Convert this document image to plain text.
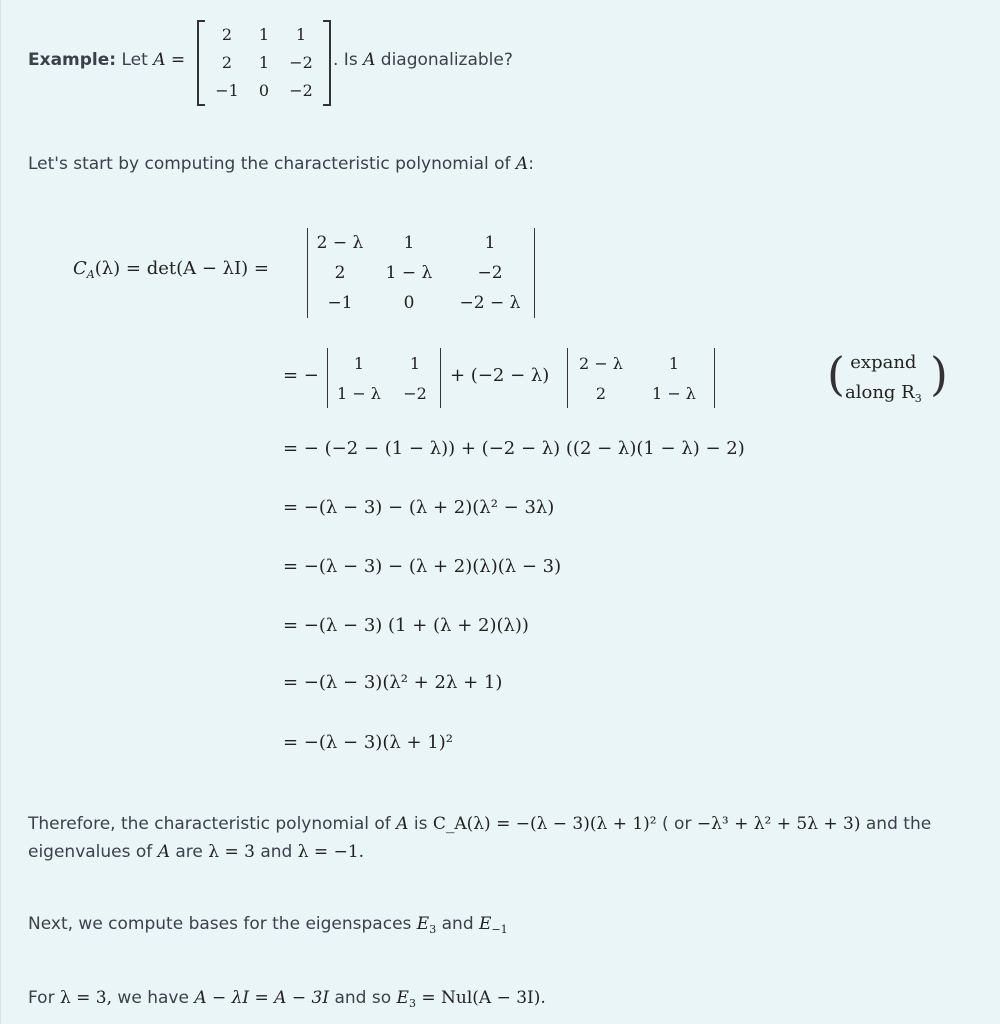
Example: Let A =
2	1	1
2	1	−2
−1	0	−2
. Is A diagonalizable?
Let's start by computing the characteristic polynomial of A:
$C_A(\lambda) = \det(A - \lambda I)$ =
2 − λ	1	1
2	1 − λ	−2
−1	0	−2 − λ
= −
1	1
1 − λ	−2
+ (−2 − λ)
2 − λ	1
2	1 − λ	( expand
along $R_3$ )
= − (−2 − (1 − λ)) + (−2 − λ) ((2 − λ)(1 − λ) − 2)
= −(λ − 3) − (λ + 2)(λ² − 3λ)
= −(λ − 3) − (λ + 2)(λ)(λ − 3)
= −(λ − 3) (1 + (λ + 2)(λ))
= −(λ − 3)(λ² + 2λ + 1)
= −(λ − 3)(λ + 1)²
Therefore, the characteristic polynomial of A is C_A(λ) = −(λ − 3)(λ + 1)² ( or −λ³ + λ² + 5λ + 3) and the
eigenvalues of A are λ = 3 and λ = −1.
Next, we compute bases for the eigenspaces $E_3$ and $E_{-1}$
For λ = 3, we have A − λI = A − 3I and so $E_3 = Nul(A - 3I)$.
